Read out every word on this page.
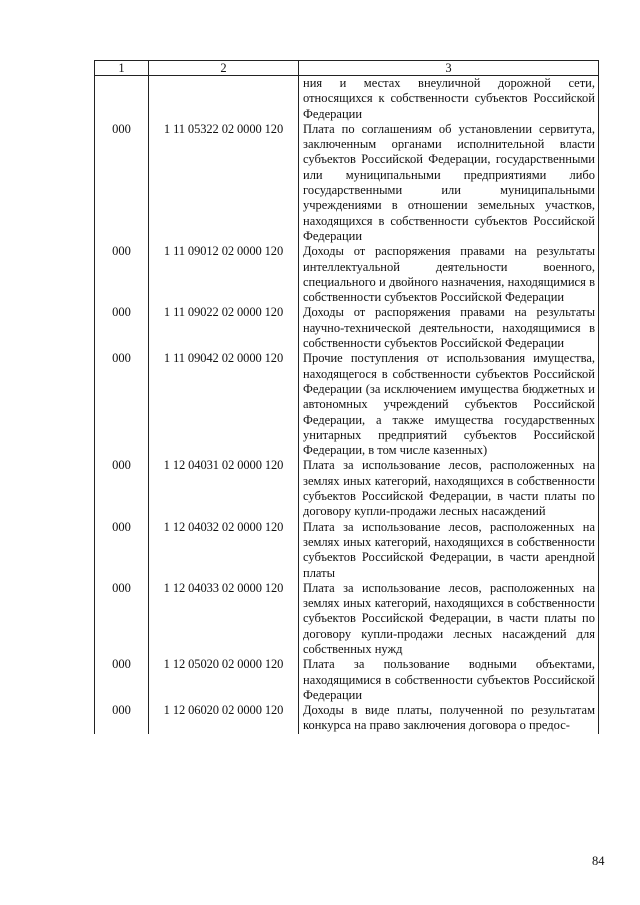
1	2	3
		ния и местах внеуличной дорожной сети, относящихся к собственности субъектов Российской Федерации
000	1 11 05322 02 0000 120	Плата по соглашениям об установлении сервитута, заключенным органами исполнительной власти субъектов Российской Федерации, государственными или муниципальными предприятиями либо государственными или муниципальными учреждениями в отношении земельных участков, находящихся в собственности субъектов Российской Федерации
000	1 11 09012 02 0000 120	Доходы от распоряжения правами на результаты интеллектуальной деятельности военного, специального и двойного назначения, находящимися в собственности субъектов Российской Федерации
000	1 11 09022 02 0000 120	Доходы от распоряжения правами на результаты научно-технической деятельности, находящимися в собственности субъектов Российской Федерации
000	1 11 09042 02 0000 120	Прочие поступления от использования имущества, находящегося в собственности субъектов Российской Федерации (за исключением имущества бюджетных и автономных учреждений субъектов Российской Федерации, а также имущества государственных унитарных предприятий субъектов Российской Федерации, в том числе казенных)
000	1 12 04031 02 0000 120	Плата за использование лесов, расположенных на землях иных категорий, находящихся в собственности субъектов Российской Федерации, в части платы по договору купли-продажи лесных насаждений
000	1 12 04032 02 0000 120	Плата за использование лесов, расположенных на землях иных категорий, находящихся в собственности субъектов Российской Федерации, в части арендной платы
000	1 12 04033 02 0000 120	Плата за использование лесов, расположенных на землях иных категорий, находящихся в собственности субъектов Российской Федерации, в части платы по договору купли-продажи лесных насаждений для собственных нужд
000	1 12 05020 02 0000 120	Плата за пользование водными объектами, находящимися в собственности субъектов Российской Федерации
000	1 12 06020 02 0000 120	Доходы в виде платы, полученной по результатам конкурса на право заключения договора о предос-
84
